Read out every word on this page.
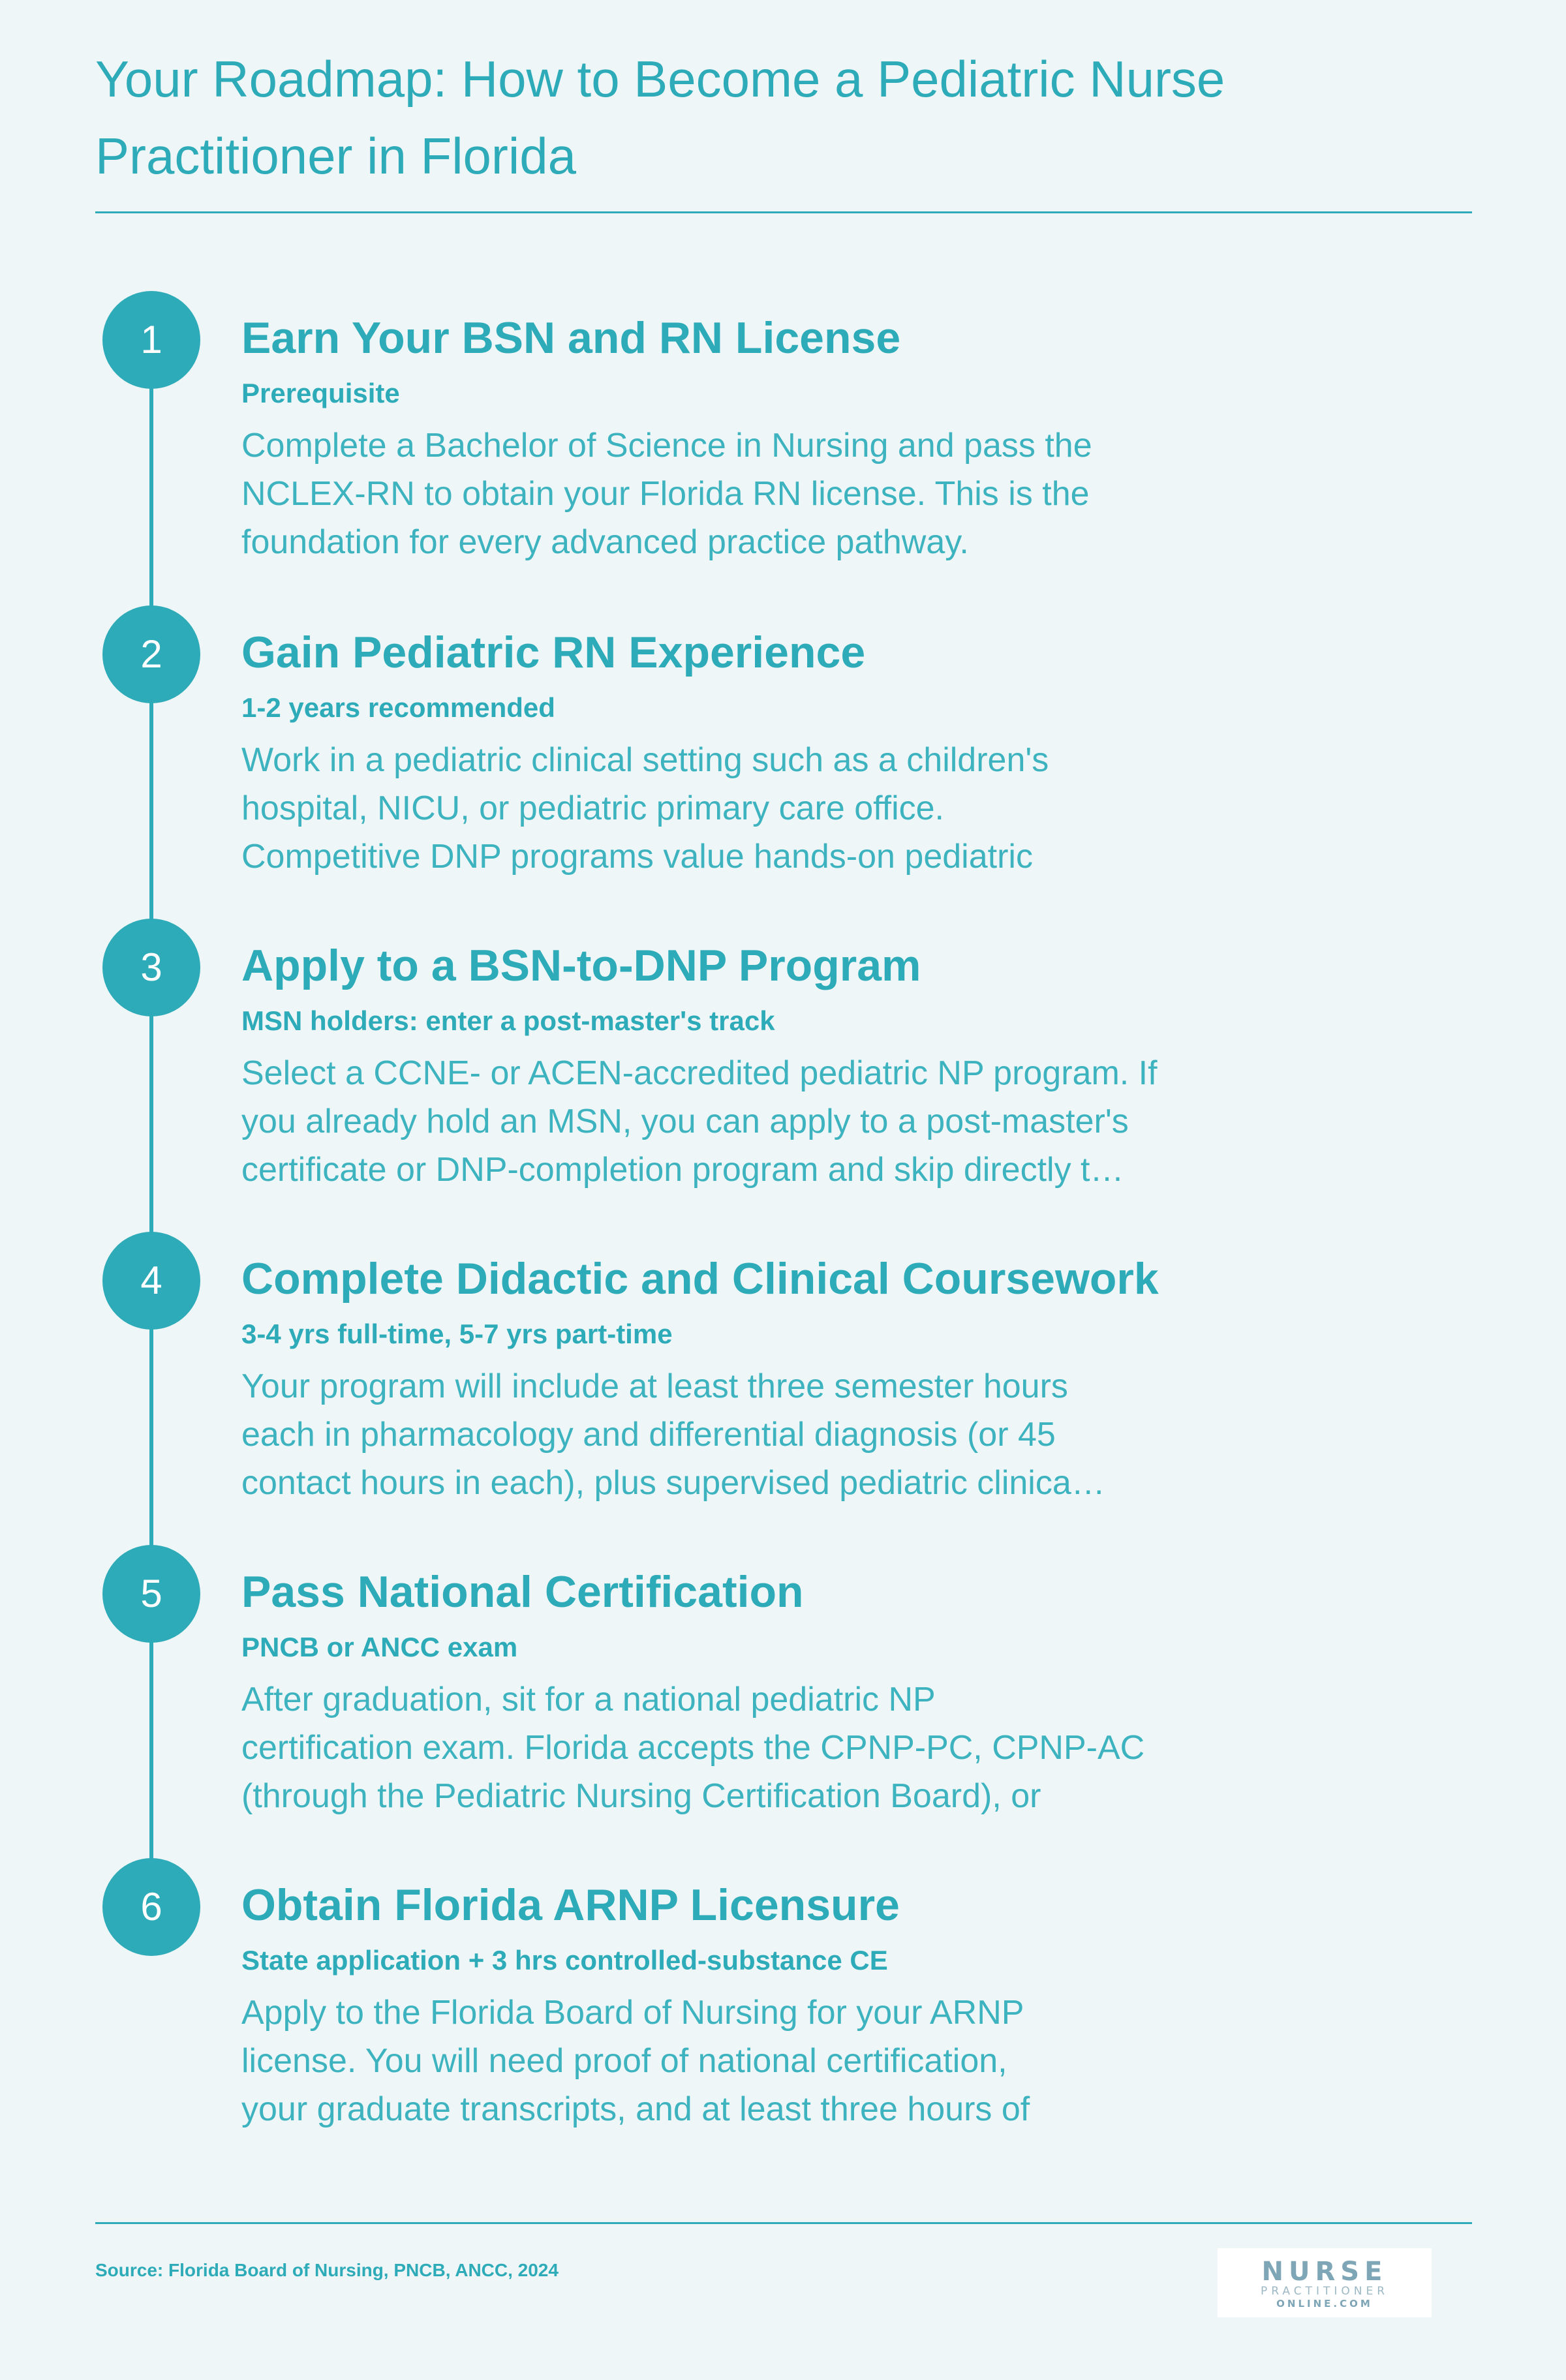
Your Roadmap: How to Become a Pediatric Nurse Practitioner in Florida
1	Earn Your BSN and RN License
Prerequisite
Complete a Bachelor of Science in Nursing and pass the
NCLEX-RN to obtain your Florida RN license. This is the
foundation for every advanced practice pathway.
2	Gain Pediatric RN Experience
1-2 years recommended
Work in a pediatric clinical setting such as a children's
hospital, NICU, or pediatric primary care office.
Competitive DNP programs value hands-on pediatric
3	Apply to a BSN-to-DNP Program
MSN holders: enter a post-master's track
Select a CCNE- or ACEN-accredited pediatric NP program. If
you already hold an MSN, you can apply to a post-master's
certificate or DNP-completion program and skip directly t…
4	Complete Didactic and Clinical Coursework
3-4 yrs full-time, 5-7 yrs part-time
Your program will include at least three semester hours
each in pharmacology and differential diagnosis (or 45
contact hours in each), plus supervised pediatric clinica…
5	Pass National Certification
PNCB or ANCC exam
After graduation, sit for a national pediatric NP
certification exam. Florida accepts the CPNP-PC, CPNP-AC
(through the Pediatric Nursing Certification Board), or
6	Obtain Florida ARNP Licensure
State application + 3 hrs controlled-substance CE
Apply to the Florida Board of Nursing for your ARNP
license. You will need proof of national certification,
your graduate transcripts, and at least three hours of
Source: Florida Board of Nursing, PNCB, ANCC, 2024	NURSE
PRACTITIONER
ONLINE.COM
